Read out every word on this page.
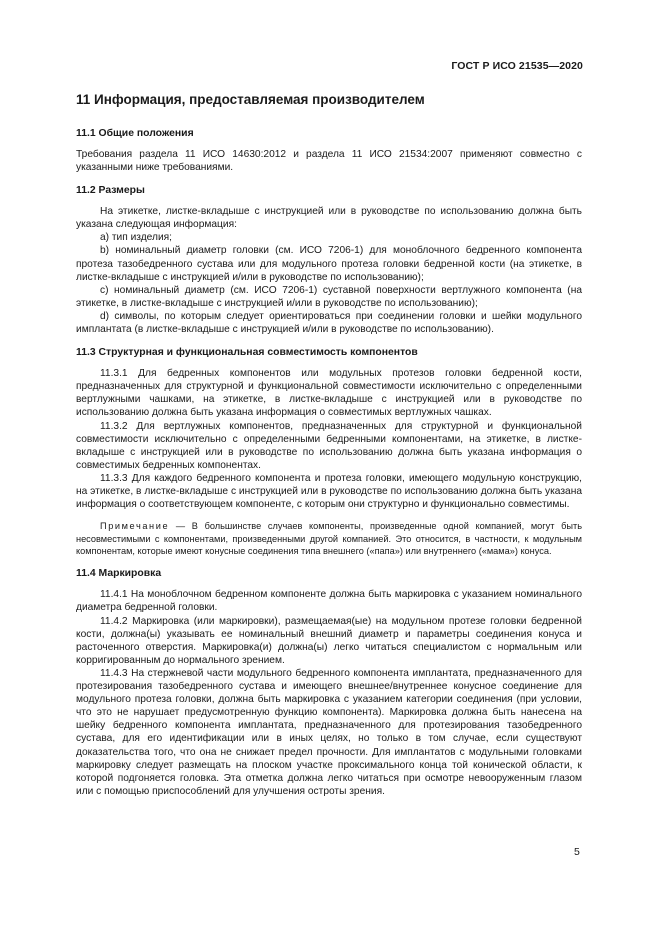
ГОСТ Р ИСО 21535—2020
11 Информация, предоставляемая производителем
11.1 Общие положения

Требования раздела 11 ИСО 14630:2012 и раздела 11 ИСО 21534:2007 применяют совместно с указанными ниже требованиями.

11.2 Размеры

На этикетке, листке-вкладыше с инструкцией или в руководстве по использованию должна быть указана следующая информация:

а) тип изделия;

b) номинальный диаметр головки (см. ИСО 7206-1) для моноблочного бедренного компонента протеза тазобедренного сустава или для модульного протеза головки бедренной кости (на этикетке, в листке-вкладыше с инструкцией и/или в руководстве по использованию);

с) номинальный диаметр (см. ИСО 7206-1) суставной поверхности вертлужного компонента (на этикетке, в листке-вкладыше с инструкцией и/или в руководстве по использованию);

d) символы, по которым следует ориентироваться при соединении головки и шейки модульного имплантата (в листке-вкладыше с инструкцией и/или в руководстве по использованию).

11.3 Структурная и функциональная совместимость компонентов

11.3.1 Для бедренных компонентов или модульных протезов головки бедренной кости, предназначенных для структурной и функциональной совместимости исключительно с определенными вертлужными чашками, на этикетке, в листке-вкладыше с инструкцией или в руководстве по использованию должна быть указана информация о совместимых вертлужных чашках.

11.3.2 Для вертлужных компонентов, предназначенных для структурной и функциональной совместимости исключительно с определенными бедренными компонентами, на этикетке, в листке-вкладыше с инструкцией или в руководстве по использованию должна быть указана информация о совместимых бедренных компонентах.

11.3.3 Для каждого бедренного компонента и протеза головки, имеющего модульную конструкцию, на этикетке, в листке-вкладыше с инструкцией или в руководстве по использованию должна быть указана информация о соответствующем компоненте, с которым они структурно и функционально совместимы.

Примечание — В большинстве случаев компоненты, произведенные одной компанией, могут быть несовместимыми с компонентами, произведенными другой компанией. Это относится, в частности, к модульным компонентам, которые имеют конусные соединения типа внешнего («папа») или внутреннего («мама») конуса.

11.4 Маркировка

11.4.1 На моноблочном бедренном компоненте должна быть маркировка с указанием номинального диаметра бедренной головки.

11.4.2 Маркировка (или маркировки), размещаемая(ые) на модульном протезе головки бедренной кости, должна(ы) указывать ее номинальный внешний диаметр и параметры соединения конуса и расточенного отверстия. Маркировка(и) должна(ы) легко читаться специалистом с нормальным или корригированным до нормального зрением.

11.4.3 На стержневой части модульного бедренного компонента имплантата, предназначенного для протезирования тазобедренного сустава и имеющего внешнее/внутреннее конусное соединение для модульного протеза головки, должна быть маркировка с указанием категории соединения (при условии, что это не нарушает предусмотренную функцию компонента). Маркировка должна быть нанесена на шейку бедренного компонента имплантата, предназначенного для протезирования тазобедренного сустава, для его идентификации или в иных целях, но только в том случае, если существуют доказательства того, что она не снижает предел прочности. Для имплантатов с модульными головками маркировку следует размещать на плоском участке проксимального конца той конической области, к которой подгоняется головка. Эта отметка должна легко читаться при осмотре невооруженным глазом или с помощью приспособлений для улучшения остроты зрения.

5
